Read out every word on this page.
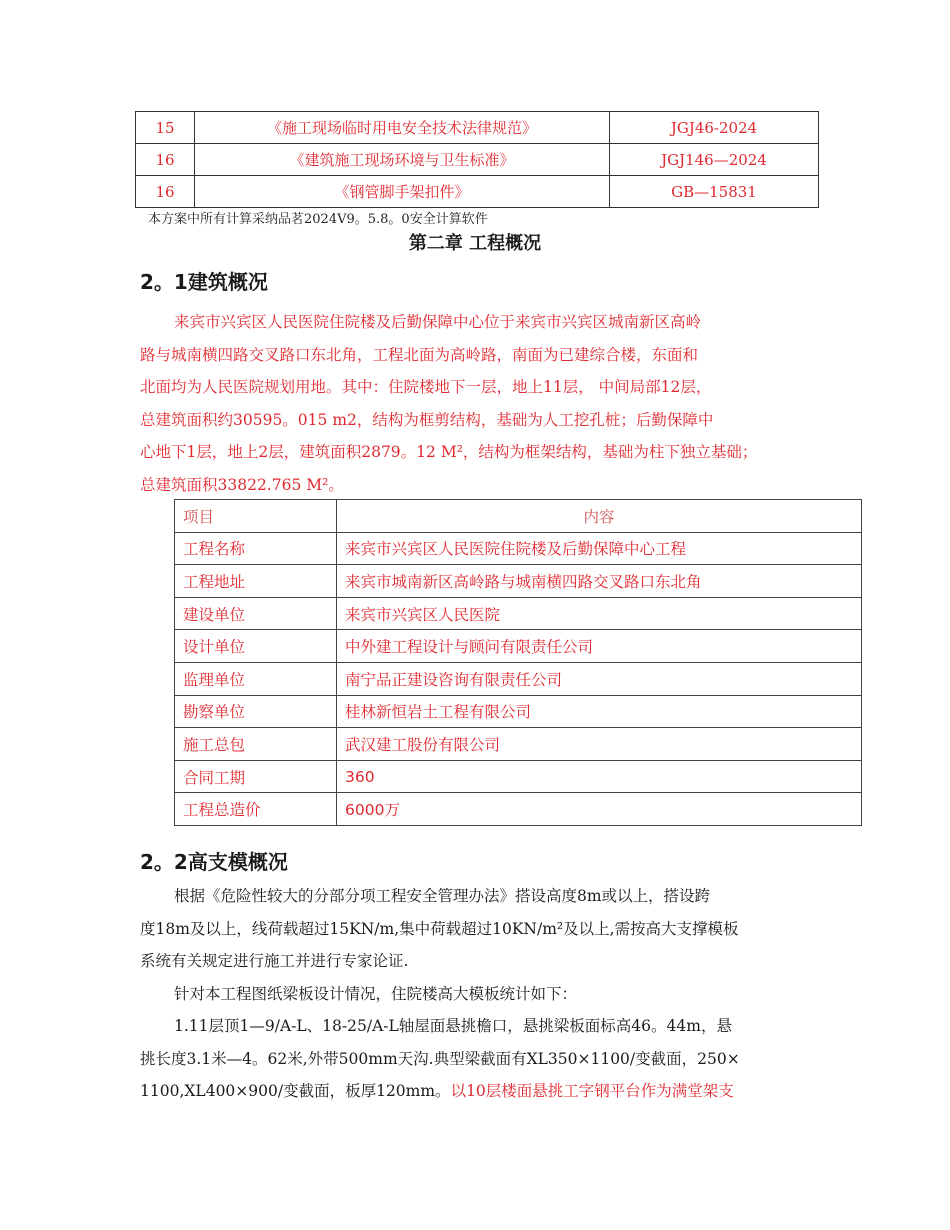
15	《施工现场临时用电安全技术法律规范》	JGJ46-2024
16	《建筑施工现场环境与卫生标准》	JGJ146—2024
16	《钢管脚手架扣件》	GB—15831
本方案中所有计算采纳品茗2024V9。5.8。0安全计算软件
第二章 工程概况
2。1建筑概况
来宾市兴宾区人民医院住院楼及后勤保障中心位于来宾市兴宾区城南新区高岭
路与城南横四路交叉路口东北角，工程北面为高岭路，南面为已建综合楼，东面和
北面均为人民医院规划用地。其中：住院楼地下一层，地上11层， 中间局部12层，
总建筑面积约30595。015 m2，结构为框剪结构，基础为人工挖孔桩；后勤保障中
心地下1层，地上2层，建筑面积2879。12 M²，结构为框架结构，基础为柱下独立基础；
总建筑面积33822.765 M²。
项目	内容
工程名称	来宾市兴宾区人民医院住院楼及后勤保障中心工程
工程地址	来宾市城南新区高岭路与城南横四路交叉路口东北角
建设单位	来宾市兴宾区人民医院
设计单位	中外建工程设计与顾问有限责任公司
监理单位	南宁品正建设咨询有限责任公司
勘察单位	桂林新恒岩土工程有限公司
施工总包	武汉建工股份有限公司
合同工期	360
工程总造价	6000万
2。2高支模概况
根据《危险性较大的分部分项工程安全管理办法》搭设高度8m或以上，搭设跨
度18m及以上，线荷载超过15KN/m,集中荷载超过10KN/m²及以上,需按高大支撑模板
系统有关规定进行施工并进行专家论证.
针对本工程图纸梁板设计情况，住院楼高大模板统计如下：
1.11层顶1—9/A-L、18-25/A-L轴屋面悬挑檐口，悬挑梁板面标高46。44m，悬
挑长度3.1米—4。62米,外带500mm天沟.典型梁截面有XL350×1100/变截面，250×
1100,XL400×900/变截面，板厚120mm。以10层楼面悬挑工字钢平台作为满堂架支
